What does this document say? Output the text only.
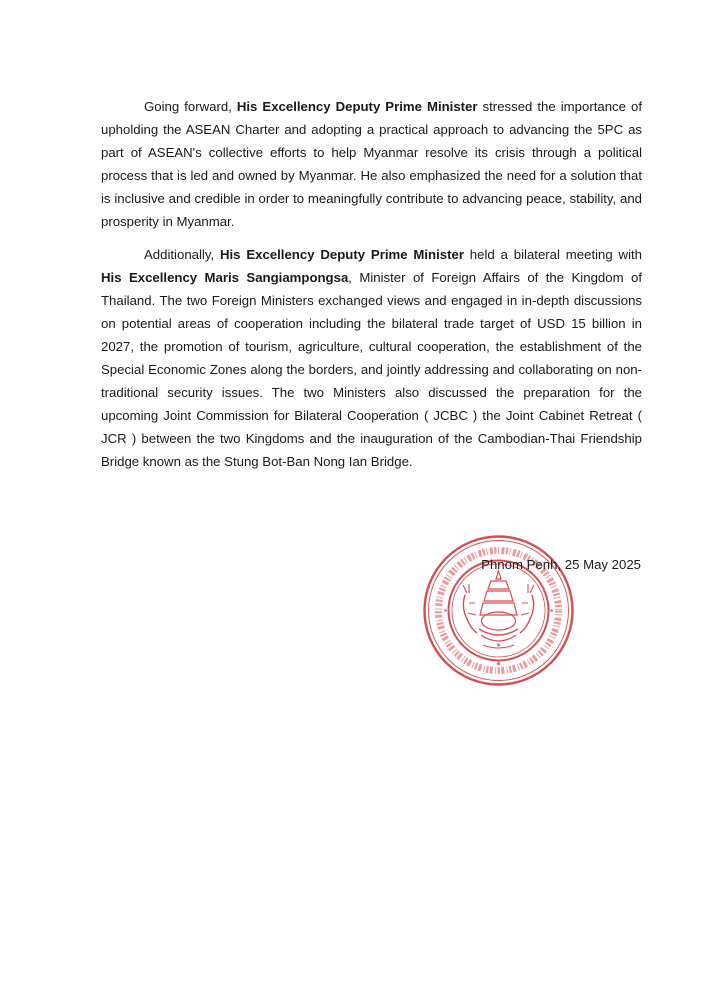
Going forward, His Excellency Deputy Prime Minister stressed the importance of upholding the ASEAN Charter and adopting a practical approach to advancing the 5PC as part of ASEAN's collective efforts to help Myanmar resolve its crisis through a political process that is led and owned by Myanmar. He also emphasized the need for a solution that is inclusive and credible in order to meaningfully contribute to advancing peace, stability, and prosperity in Myanmar.

Additionally, His Excellency Deputy Prime Minister held a bilateral meeting with His Excellency Maris Sangiampongsa, Minister of Foreign Affairs of the Kingdom of Thailand. The two Foreign Ministers exchanged views and engaged in in-depth discussions on potential areas of cooperation including the bilateral trade target of USD 15 billion in 2027, the promotion of tourism, agriculture, cultural cooperation, the establishment of the Special Economic Zones along the borders, and jointly addressing and collaborating on non-traditional security issues. The two Ministers also discussed the preparation for the upcoming Joint Commission for Bilateral Cooperation ( JCBC ) the Joint Cabinet Retreat ( JCR ) between the two Kingdoms and the inauguration of the Cambodian-Thai Friendship Bridge known as the Stung Bot-Ban Nong Ian Bridge.

Phnom Penh, 25 May 2025
